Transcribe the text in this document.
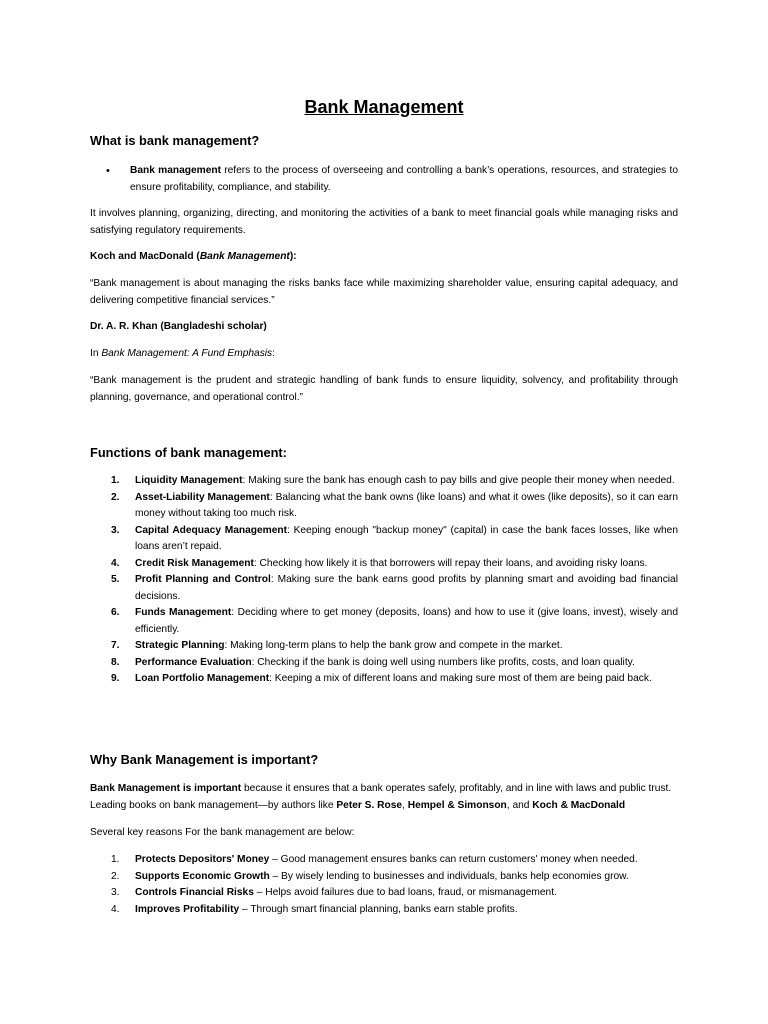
Bank Management
What is bank management?
• Bank management refers to the process of overseeing and controlling a bank’s operations, resources, and strategies to ensure profitability, compliance, and stability.
It involves planning, organizing, directing, and monitoring the activities of a bank to meet financial goals while managing risks and satisfying regulatory requirements.
Koch and MacDonald (Bank Management):
“Bank management is about managing the risks banks face while maximizing shareholder value, ensuring capital adequacy, and delivering competitive financial services.”
Dr. A. R. Khan (Bangladeshi scholar)
In Bank Management: A Fund Emphasis:
“Bank management is the prudent and strategic handling of bank funds to ensure liquidity, solvency, and profitability through planning, governance, and operational control.”
Functions of bank management:
1. Liquidity Management: Making sure the bank has enough cash to pay bills and give people their money when needed.
2. Asset-Liability Management: Balancing what the bank owns (like loans) and what it owes (like deposits), so it can earn money without taking too much risk.
3. Capital Adequacy Management: Keeping enough "backup money" (capital) in case the bank faces losses, like when loans aren’t repaid.
4. Credit Risk Management: Checking how likely it is that borrowers will repay their loans, and avoiding risky loans.
5. Profit Planning and Control: Making sure the bank earns good profits by planning smart and avoiding bad financial decisions.
6. Funds Management: Deciding where to get money (deposits, loans) and how to use it (give loans, invest), wisely and efficiently.
7. Strategic Planning: Making long-term plans to help the bank grow and compete in the market.
8. Performance Evaluation: Checking if the bank is doing well using numbers like profits, costs, and loan quality.
9. Loan Portfolio Management: Keeping a mix of different loans and making sure most of them are being paid back.
Why Bank Management is important?
Bank Management is important because it ensures that a bank operates safely, profitably, and in line with laws and public trust. Leading books on bank management—by authors like Peter S. Rose, Hempel & Simonson, and Koch & MacDonald
Several key reasons For the bank management are below:
1. Protects Depositors' Money – Good management ensures banks can return customers' money when needed.
2. Supports Economic Growth – By wisely lending to businesses and individuals, banks help economies grow.
3. Controls Financial Risks – Helps avoid failures due to bad loans, fraud, or mismanagement.
4. Improves Profitability – Through smart financial planning, banks earn stable profits.
